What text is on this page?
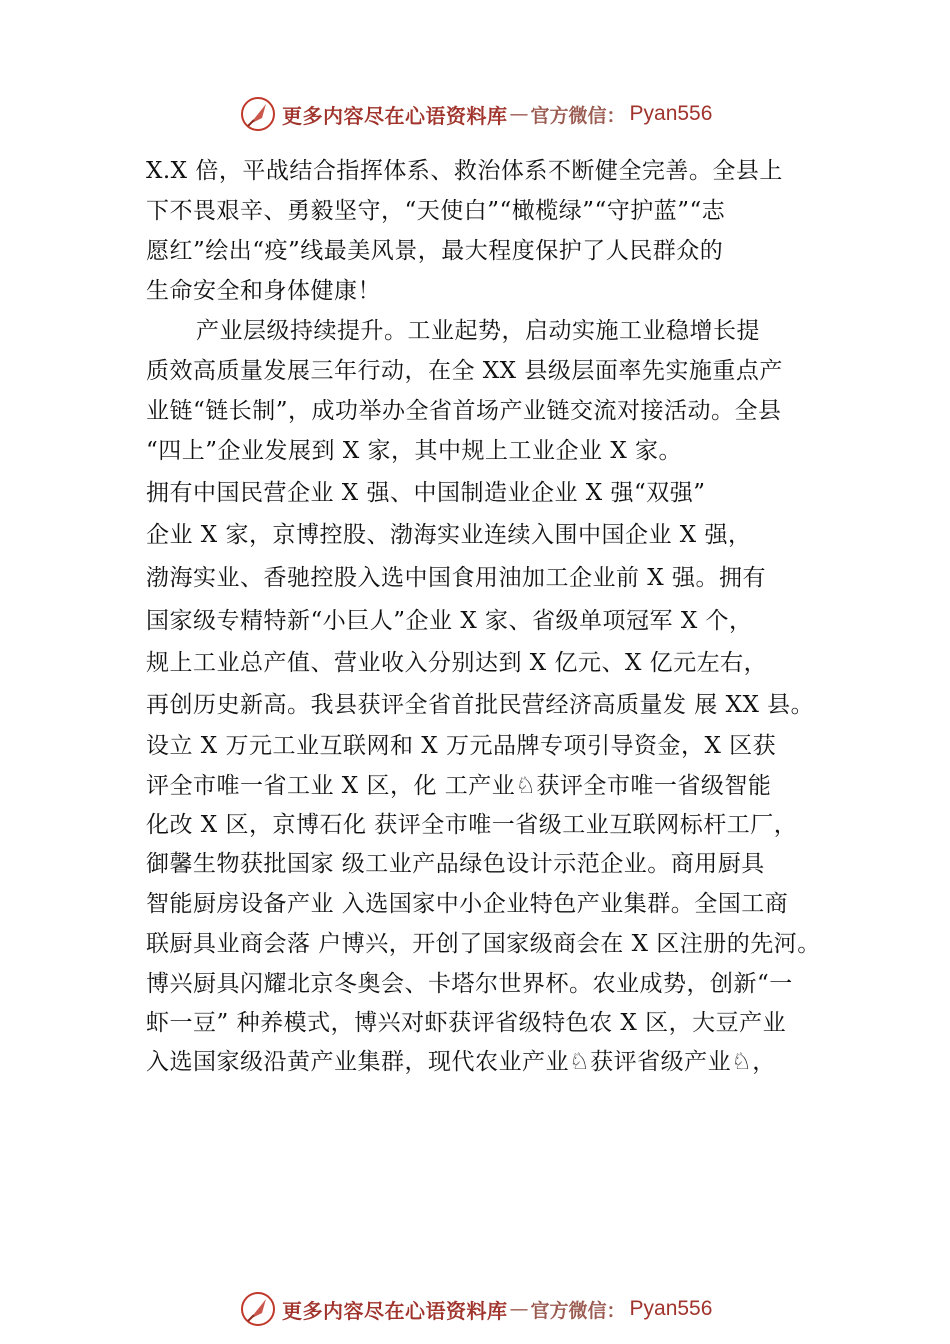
更多内容尽在心语资料库 — 官方微信： Pyan556
X.X 倍，平战结合指挥体系、救治体系不断健全完善。全县上
下不畏艰辛、勇毅坚守，“天使白”“橄榄绿”“守护蓝”“志
愿红”绘出“疫”线最美风景，最大程度保护了人民群众的
生命安全和身体健康！
产业层级持续提升。工业起势，启动实施工业稳增长提
质效高质量发展三年行动，在全 XX 县级层面率先实施重点产
业链“链长制”，成功举办全省首场产业链交流对接活动。全县
“四上”企业发展到 X 家，其中规上工业企业 X 家。
拥有中国民营企业 X 强、中国制造业企业 X 强“双强”
企业 X 家，京博控股、渤海实业连续入围中国企业 X 强，
渤海实业、香驰控股入选中国食用油加工企业前 X 强。拥有
国家级专精特新“小巨人”企业 X 家、省级单项冠军 X 个，
规上工业总产值、营业收入分别达到 X 亿元、X 亿元左右，
再创历史新高。我县获评全省首批民营经济高质量发 展 XX 县。
设立 X 万元工业互联网和 X 万元品牌专项引导资金，X 区获
评全市唯一省工业 X 区，化 工产业♘获评全市唯一省级智能
化改 X 区，京博石化 获评全市唯一省级工业互联网标杆工厂，
御馨生物获批国家 级工业产品绿色设计示范企业。商用厨具
智能厨房设备产业 入选国家中小企业特色产业集群。全国工商
联厨具业商会落 户博兴，开创了国家级商会在 X 区注册的先河。
博兴厨具闪耀北京冬奥会、卡塔尔世界杯。农业成势，创新“一
虾一豆” 种养模式，博兴对虾获评省级特色农 X 区，大豆产业
入选国家级沿黄产业集群，现代农业产业♘获评省级产业♘，
更多内容尽在心语资料库 — 官方微信： Pyan556
